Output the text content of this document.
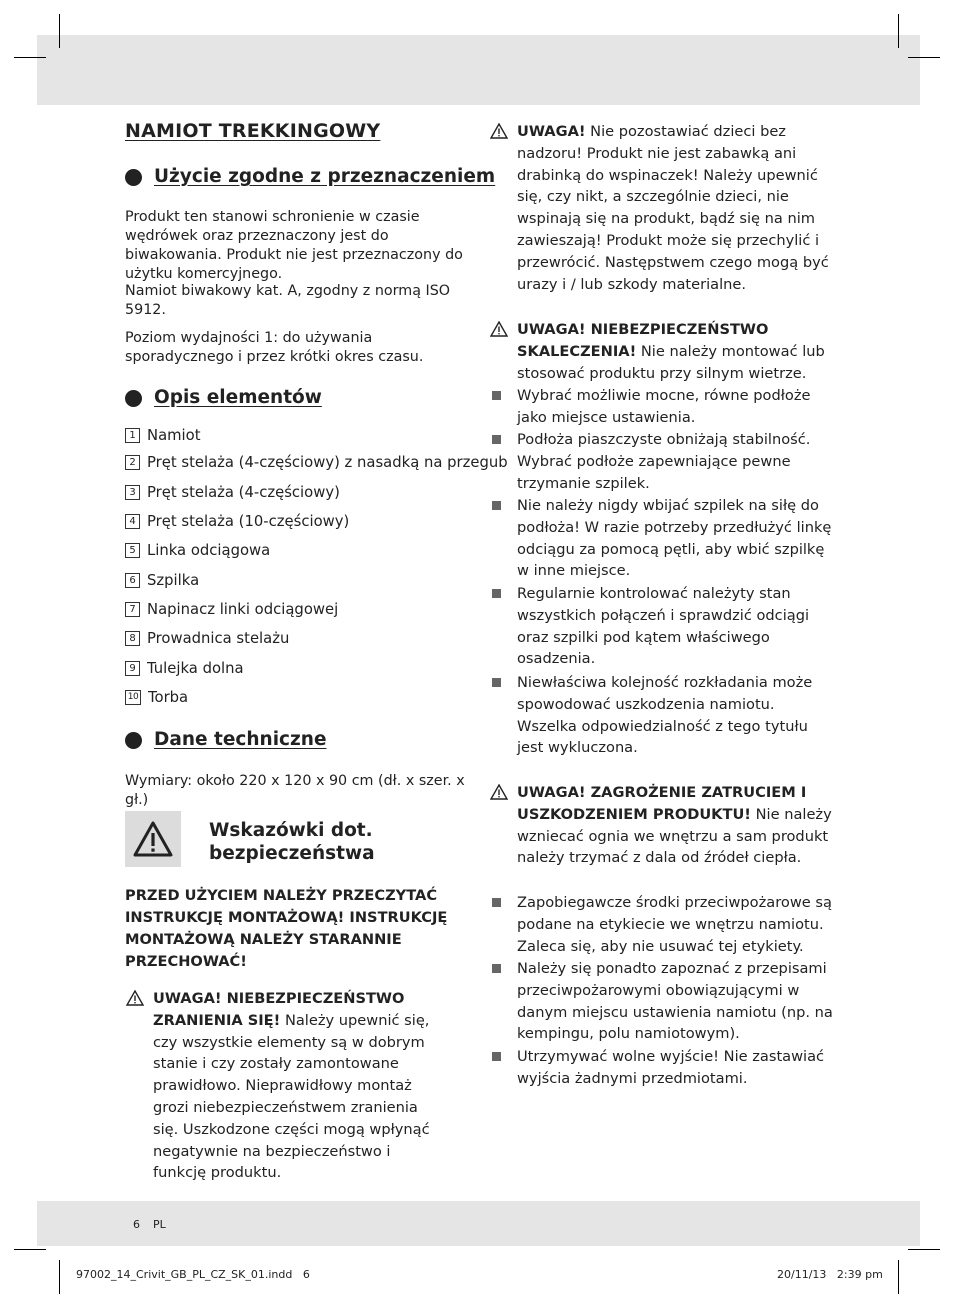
NAMIOT TREKKINGOWY
Użycie zgodne z przeznaczeniem
Produkt ten stanowi schronienie w czasie wędrówek oraz przeznaczony jest do biwakowania. Produkt nie jest przeznaczony do użytku komercyjnego.
Namiot biwakowy kat. A, zgodny z normą ISO 5912.
Poziom wydajności 1: do używania sporadycznego i przez krótki okres czasu.
Opis elementów
1 Namiot
2 Pręt stelaża (4-częściowy) z nasadką na przegub
3 Pręt stelaża (4-częściowy)
4 Pręt stelaża (10-częściowy)
5 Linka odciągowa
6 Szpilka
7 Napinacz linki odciągowej
8 Prowadnica stelażu
9 Tulejka dolna
10 Torba
Dane techniczne
Wymiary: około 220 x 120 x 90 cm (dł. x szer. x gł.)
Wskazówki dot.
bezpieczeństwa
PRZED UŻYCIEM NALEŻY PRZECZYTAĆ INSTRUKCJĘ MONTAŻOWĄ! INSTRUKCJĘ MONTAŻOWĄ NALEŻY STARANNIE PRZECHOWAĆ!
UWAGA! NIEBEZPIECZEŃSTWO ZRANIENIA SIĘ! Należy upewnić się, czy wszystkie elementy są w dobrym stanie i czy zostały zamontowane prawidłowo. Nieprawidłowy montaż grozi niebezpieczeństwem zranienia się. Uszkodzone części mogą wpłynąć negatywnie na bezpieczeństwo i funkcję produktu.
UWAGA! Nie pozostawiać dzieci bez nadzoru! Produkt nie jest zabawką ani drabinką do wspinaczek! Należy upewnić się, czy nikt, a szczególnie dzieci, nie wspinają się na produkt, bądź się na nim zawieszają! Produkt może się przechylić i przewrócić. Następstwem czego mogą być urazy i / lub szkody materialne.
UWAGA! NIEBEZPIECZEŃSTWO SKALECZENIA! Nie należy montować lub stosować produktu przy silnym wietrze.
Wybrać możliwie mocne, równe podłoże jako miejsce ustawienia.
Podłoża piaszczyste obniżają stabilność. Wybrać podłoże zapewniające pewne trzymanie szpilek.
Nie należy nigdy wbijać szpilek na siłę do podłoża! W razie potrzeby przedłużyć linkę odciągu za pomocą pętli, aby wbić szpilkę w inne miejsce.
Regularnie kontrolować należyty stan wszystkich połączeń i sprawdzić odciągi oraz szpilki pod kątem właściwego osadzenia.
Niewłaściwa kolejność rozkładania może spowodować uszkodzenia namiotu. Wszelka odpowiedzialność z tego tytułu jest wykluczona.
UWAGA! ZAGROŻENIE ZATRUCIEM I USZKODZENIEM PRODUKTU! Nie należy wzniecać ognia we wnętrzu a sam produkt należy trzymać z dala od źródeł ciepła.
Zapobiegawcze środki przeciwpożarowe są podane na etykiecie we wnętrzu namiotu. Zaleca się, aby nie usuwać tej etykiety.
Należy się ponadto zapoznać z przepisami przeciwpożarowymi obowiązującymi w danym miejscu ustawienia namiotu (np. na kempingu, polu namiotowym).
Utrzymywać wolne wyjście! Nie zastawiać wyjścia żadnymi przedmiotami.
6 PL
97002_14_Crivit_GB_PL_CZ_SK_01.indd   6	20/11/13   2:39 pm
